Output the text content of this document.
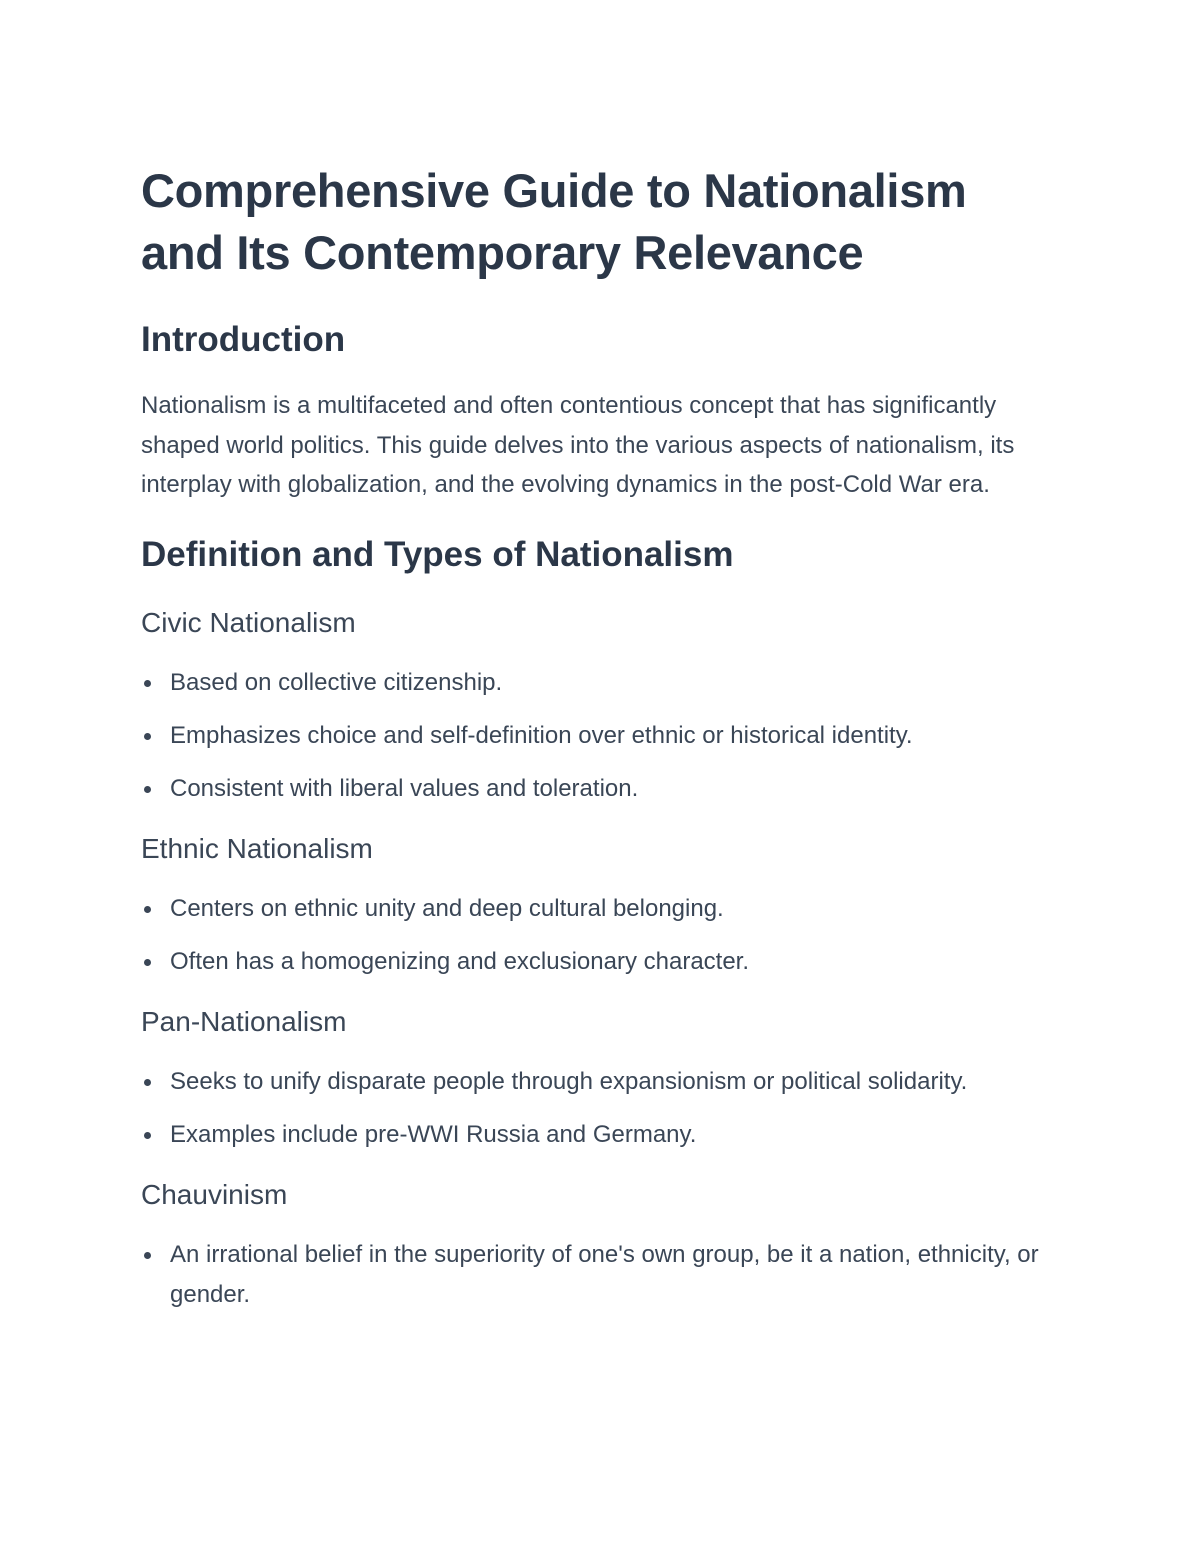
Comprehensive Guide to Nationalism and Its Contemporary Relevance
Introduction

Nationalism is a multifaceted and often contentious concept that has significantly shaped world politics. This guide delves into the various aspects of nationalism, its interplay with globalization, and the evolving dynamics in the post-Cold War era.

Definition and Types of Nationalism
Civic Nationalism
Based on collective citizenship.
Emphasizes choice and self-definition over ethnic or historical identity.
Consistent with liberal values and toleration.
Ethnic Nationalism
Centers on ethnic unity and deep cultural belonging.
Often has a homogenizing and exclusionary character.
Pan-Nationalism
Seeks to unify disparate people through expansionism or political solidarity.
Examples include pre-WWI Russia and Germany.
Chauvinism
An irrational belief in the superiority of one's own group, be it a nation, ethnicity, or gender.
